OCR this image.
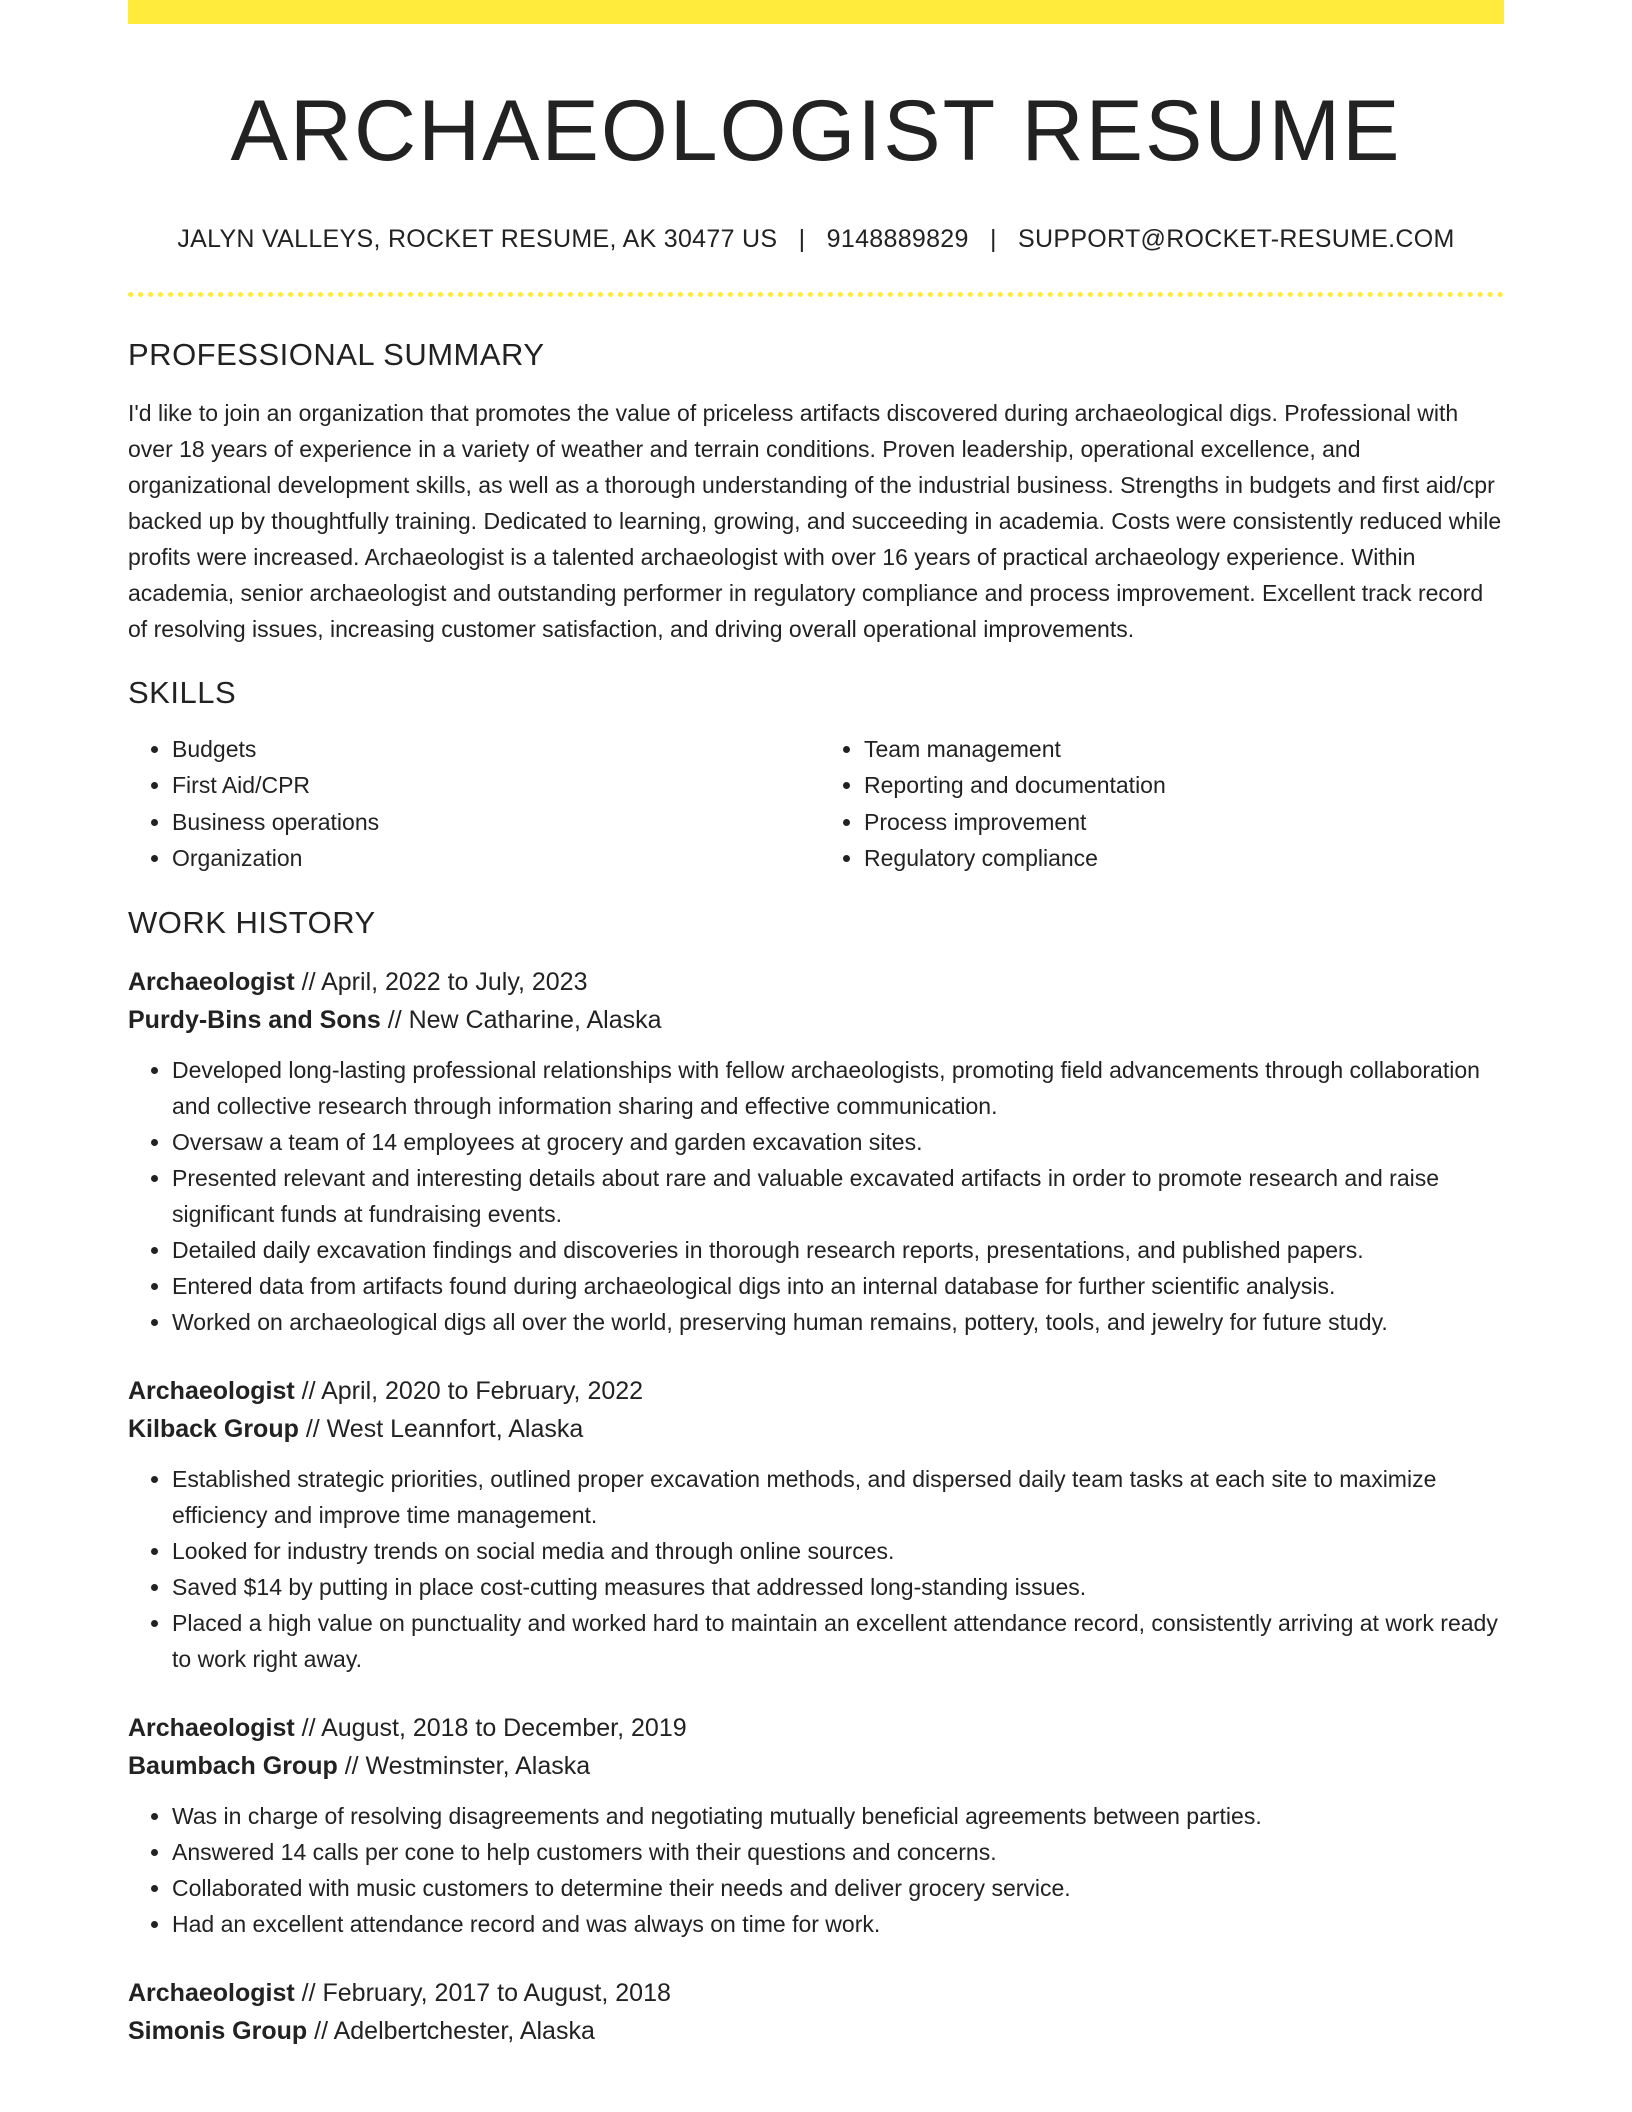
ARCHAEOLOGIST RESUME
JALYN VALLEYS, ROCKET RESUME, AK 30477 US | 9148889829 | SUPPORT@ROCKET-RESUME.COM
PROFESSIONAL SUMMARY

I'd like to join an organization that promotes the value of priceless artifacts discovered during archaeological digs. Professional with over 18 years of experience in a variety of weather and terrain conditions. Proven leadership, operational excellence, and organizational development skills, as well as a thorough understanding of the industrial business. Strengths in budgets and first aid/cpr backed up by thoughtfully training. Dedicated to learning, growing, and succeeding in academia. Costs were consistently reduced while profits were increased. Archaeologist is a talented archaeologist with over 16 years of practical archaeology experience. Within academia, senior archaeologist and outstanding performer in regulatory compliance and process improvement. Excellent track record of resolving issues, increasing customer satisfaction, and driving overall operational improvements.

SKILLS
• Budgets
• First Aid/CPR
• Business operations
• Organization
• Team management
• Reporting and documentation
• Process improvement
• Regulatory compliance
WORK HISTORY
Archaeologist // April, 2022 to July, 2023
Purdy-Bins and Sons // New Catharine, Alaska
• Developed long-lasting professional relationships with fellow archaeologists, promoting field advancements through collaboration and collective research through information sharing and effective communication.
• Oversaw a team of 14 employees at grocery and garden excavation sites.
• Presented relevant and interesting details about rare and valuable excavated artifacts in order to promote research and raise significant funds at fundraising events.
• Detailed daily excavation findings and discoveries in thorough research reports, presentations, and published papers.
• Entered data from artifacts found during archaeological digs into an internal database for further scientific analysis.
• Worked on archaeological digs all over the world, preserving human remains, pottery, tools, and jewelry for future study.
Archaeologist // April, 2020 to February, 2022
Kilback Group // West Leannfort, Alaska
• Established strategic priorities, outlined proper excavation methods, and dispersed daily team tasks at each site to maximize efficiency and improve time management.
• Looked for industry trends on social media and through online sources.
• Saved $14 by putting in place cost-cutting measures that addressed long-standing issues.
• Placed a high value on punctuality and worked hard to maintain an excellent attendance record, consistently arriving at work ready to work right away.
Archaeologist // August, 2018 to December, 2019
Baumbach Group // Westminster, Alaska
• Was in charge of resolving disagreements and negotiating mutually beneficial agreements between parties.
• Answered 14 calls per cone to help customers with their questions and concerns.
• Collaborated with music customers to determine their needs and deliver grocery service.
• Had an excellent attendance record and was always on time for work.
Archaeologist // February, 2017 to August, 2018
Simonis Group // Adelbertchester, Alaska
